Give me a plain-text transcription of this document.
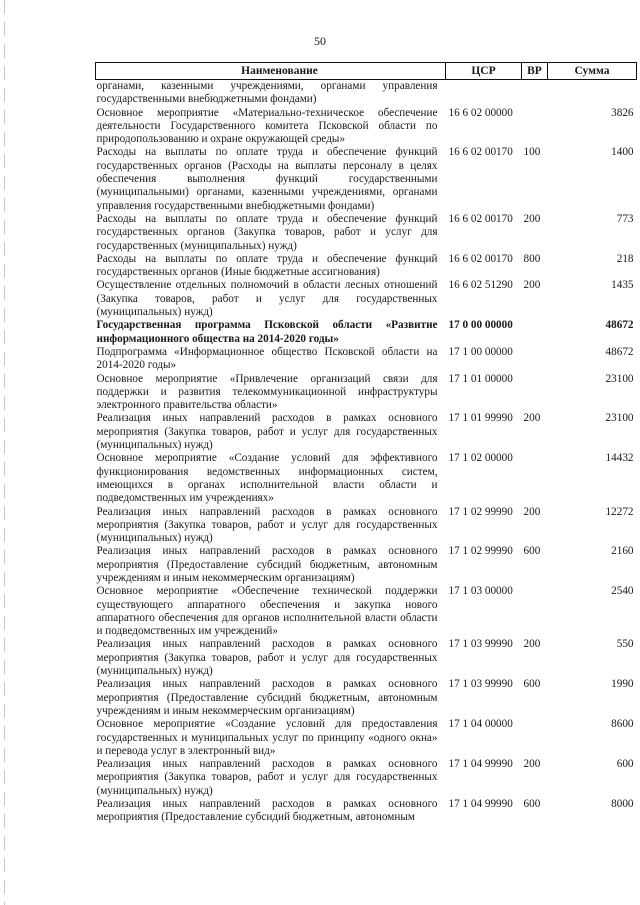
50
Наименование	ЦСР	ВР	Сумма
органами, казенными учреждениями, органами управления государственными внебюджетными фондами)			
Основное мероприятие «Материально-техническое обеспечение деятельности Государственного комитета Псковской области по природопользованию и охране окружающей среды»	16 6 02 00000		3826
Расходы на выплаты по оплате труда и обеспечение функций государственных органов (Расходы на выплаты персоналу в целях обеспечения выполнения функций государственными (муниципальными) органами, казенными учреждениями, органами управления государственными внебюджетными фондами)	16 6 02 00170	100	1400
Расходы на выплаты по оплате труда и обеспечение функций государственных органов (Закупка товаров, работ и услуг для государственных (муниципальных) нужд)	16 6 02 00170	200	773
Расходы на выплаты по оплате труда и обеспечение функций государственных органов (Иные бюджетные ассигнования)	16 6 02 00170	800	218
Осуществление отдельных полномочий в области лесных отношений (Закупка товаров, работ и услуг для государственных (муниципальных) нужд)	16 6 02 51290	200	1435
Государственная программа Псковской области «Развитие информационного общества на 2014-2020 годы»	17 0 00 00000		48672
Подпрограмма «Информационное общество Псковской области на 2014-2020 годы»	17 1 00 00000		48672
Основное мероприятие «Привлечение организаций связи для поддержки и развития телекоммуникационной инфраструктуры электронного правительства области»	17 1 01 00000		23100
Реализация иных направлений расходов в рамках основного мероприятия (Закупка товаров, работ и услуг для государственных (муниципальных) нужд)	17 1 01 99990	200	23100
Основное мероприятие «Создание условий для эффективного функционирования ведомственных информационных систем, имеющихся в органах исполнительной власти области и подведомственных им учреждениях»	17 1 02 00000		14432
Реализация иных направлений расходов в рамках основного мероприятия (Закупка товаров, работ и услуг для государственных (муниципальных) нужд)	17 1 02 99990	200	12272
Реализация иных направлений расходов в рамках основного мероприятия (Предоставление субсидий бюджетным, автономным учреждениям и иным некоммерческим организациям)	17 1 02 99990	600	2160
Основное мероприятие «Обеспечение технической поддержки существующего аппаратного обеспечения и закупка нового аппаратного обеспечения для органов исполнительной власти области и подведомственных им учреждений»	17 1 03 00000		2540
Реализация иных направлений расходов в рамках основного мероприятия (Закупка товаров, работ и услуг для государственных (муниципальных) нужд)	17 1 03 99990	200	550
Реализация иных направлений расходов в рамках основного мероприятия (Предоставление субсидий бюджетным, автономным учреждениям и иным некоммерческим организациям)	17 1 03 99990	600	1990
Основное мероприятие «Создание условий для предоставления государственных и муниципальных услуг по принципу «одного окна» и перевода услуг в электронный вид»	17 1 04 00000		8600
Реализация иных направлений расходов в рамках основного мероприятия (Закупка товаров, работ и услуг для государственных (муниципальных) нужд)	17 1 04 99990	200	600
Реализация иных направлений расходов в рамках основного мероприятия (Предоставление субсидий бюджетным, автономным	17 1 04 99990	600	8000
